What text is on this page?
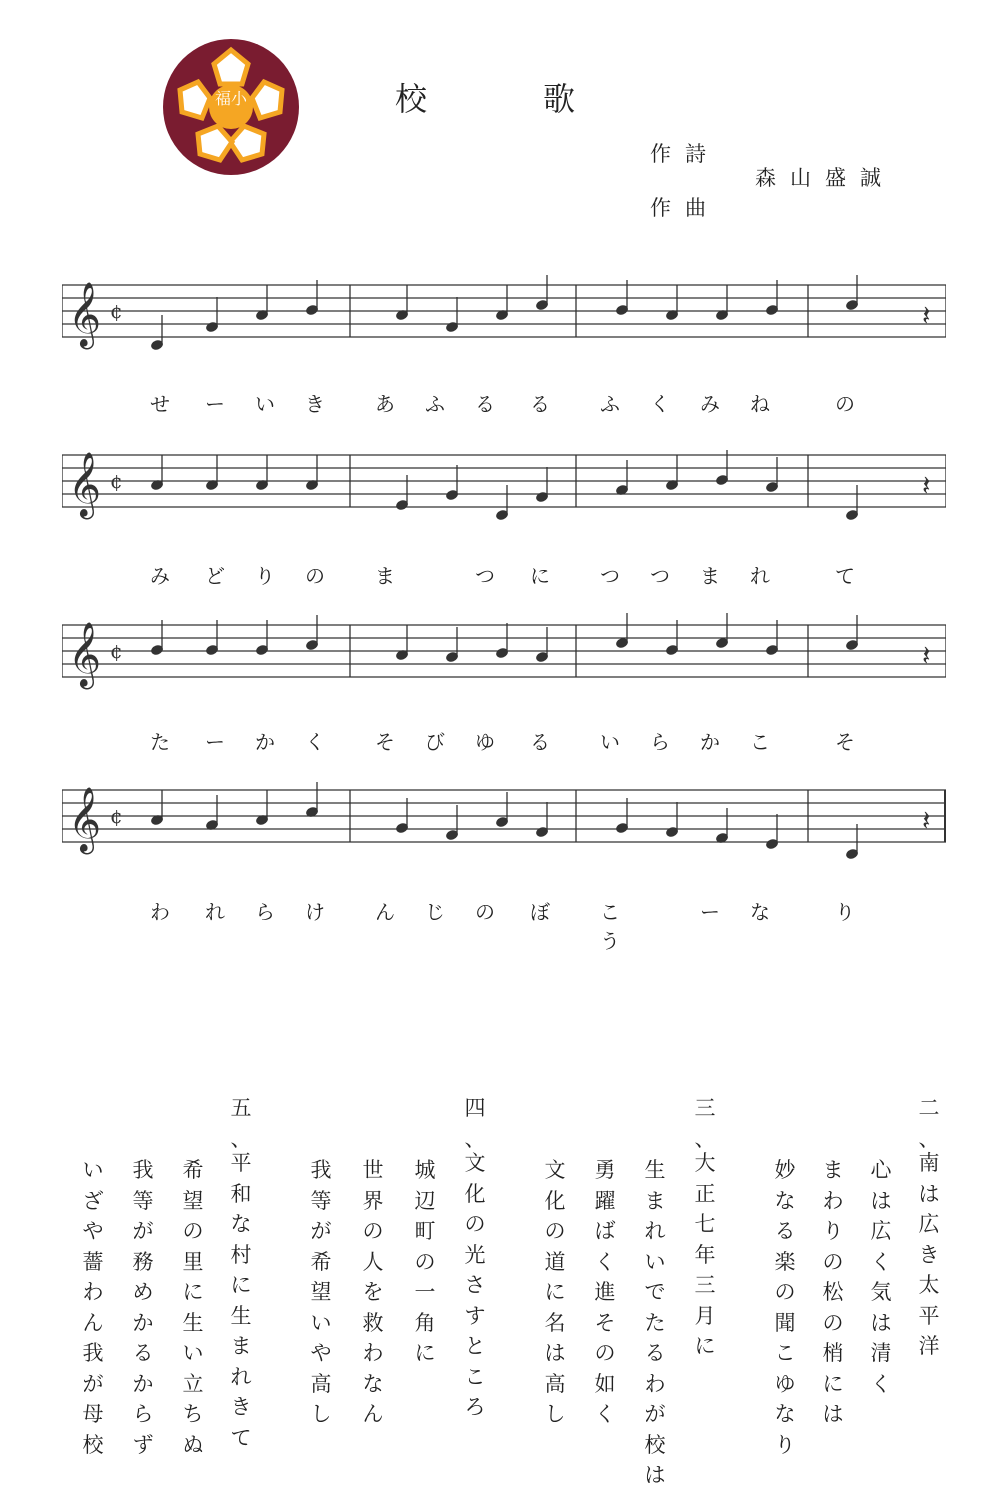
福小	校	歌
作詩
作曲
森山盛誠
𝄞 ¢	𝄽
𝄞 ¢	𝄽
𝄞 ¢	𝄽
𝄞 ¢	𝄽
せ ー い き	あ ふ る る	ふ く み ね	の
み ど り の	ま	つ に	つ つ ま れ	て
た ー か く	そ び ゆ る	い ら か こ	そ
わ れ ら け	ん じ の ぼ	こう
ー な	り
二
、
南
は
広
き
太
平
洋
心
は
広
く
気
は
清
く
ま
わ
り
の
松
の
梢
に
は
妙
な
る
楽
の
聞
こ
ゆ
な
り
三
、
大
正
七
年
三
月
に
生
ま
れ
い
で
た
る
わ
が
校
は
勇
躍
ば
く
進
そ
の
如
く
文
化
の
道
に
名
は
高
し
四
、
文
化
の
光
さ
す
と
こ
ろ
城
辺
町
の
一
角
に
世
界
の
人
を
救
わ
な
ん
我
等
が
希
望
い
や
高
し
五
、
平
和
な
村
に
生
ま
れ
き
て
希
望
の
里
に
生
い
立
ち
ぬ
我
等
が
務
め
か
る
か
ら
ず
い
ざ
や
薔
わ
ん
我
が
母
校
